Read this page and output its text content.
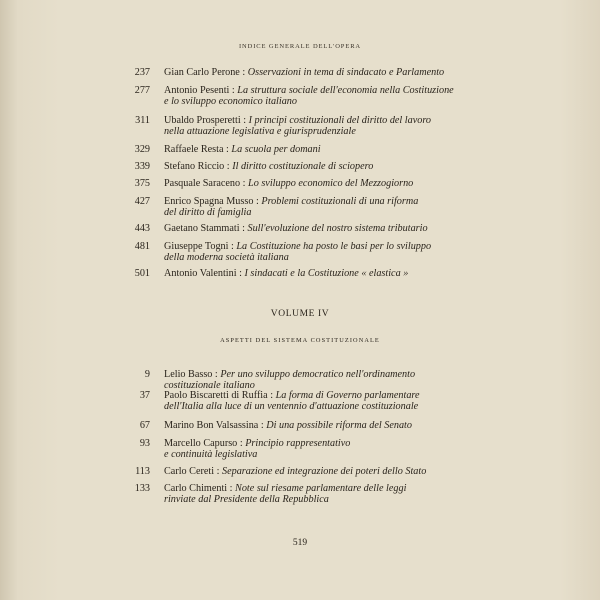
INDICE GENERALE DELL'OPERA
237 Gian Carlo Perone : Osservazioni in tema di sindacato e Parlamento
277 Antonio Pesenti : La struttura sociale dell'economia nella Costituzione
e lo sviluppo economico italiano
311 Ubaldo Prosperetti : I principi costituzionali del diritto del lavoro
nella attuazione legislativa e giurisprudenziale
329 Raffaele Resta : La scuola per domani
339 Stefano Riccio : Il diritto costituzionale di sciopero
375 Pasquale Saraceno : Lo sviluppo economico del Mezzogiorno
427 Enrico Spagna Musso : Problemi costituzionali di una riforma
del diritto di famiglia
443 Gaetano Stammati : Sull'evoluzione del nostro sistema tributario
481 Giuseppe Togni : La Costituzione ha posto le basi per lo sviluppo
della moderna società italiana
501 Antonio Valentini : I sindacati e la Costituzione « elastica »
9 Lelio Basso : Per uno sviluppo democratico nell'ordinamento
costituzionale italiano
37 Paolo Biscaretti di Ruffia : La forma di Governo parlamentare
dell'Italia alla luce di un ventennio d'attuazione costituzionale
67 Marino Bon Valsassina : Di una possibile riforma del Senato
93 Marcello Capurso : Principio rappresentativo
e continuità legislativa
113 Carlo Cereti : Separazione ed integrazione dei poteri dello Stato
133 Carlo Chimenti : Note sul riesame parlamentare delle leggi
rinviate dal Presidente della Repubblica
VOLUME IV
ASPETTI DEL SISTEMA COSTITUZIONALE
519
